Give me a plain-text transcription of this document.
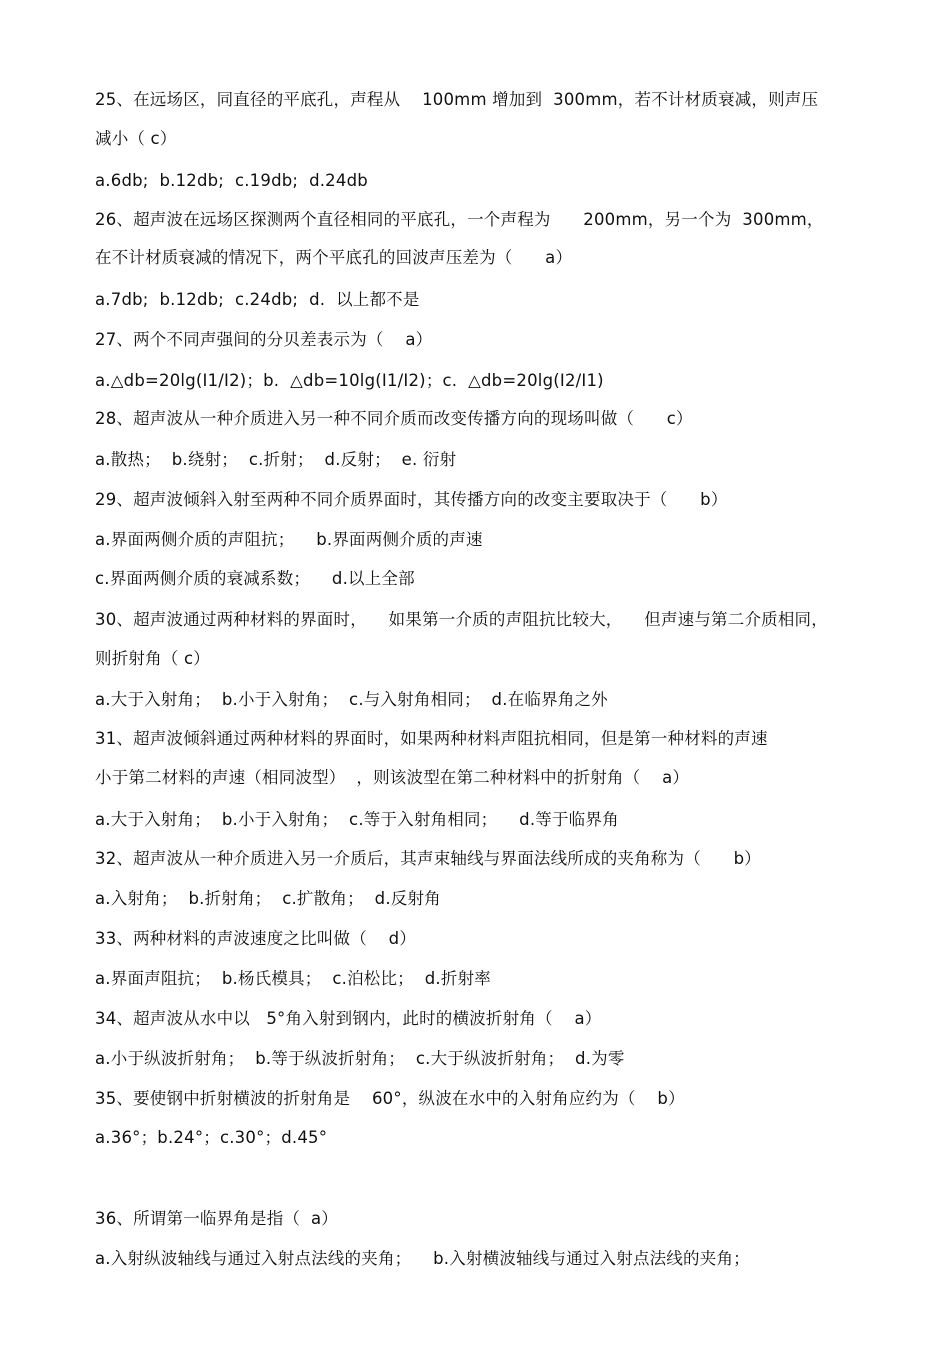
25、在远场区，同直径的平底孔，声程从    100mm 增加到  300mm，若不计材质衰减，则声压
减小（ c）
a.6db;  b.12db;  c.19db;  d.24db
26、超声波在远场区探测两个直径相同的平底孔，一个声程为      200mm，另一个为  300mm，
在不计材质衰减的情况下，两个平底孔的回波声压差为（      a）
a.7db;  b.12db;  c.24db;  d.  以上都不是
27、两个不同声强间的分贝差表示为（    a）
a.△db=20lg(I1/I2)；b.  △db=10lg(I1/I2)；c.  △db=20lg(I2/I1)
28、超声波从一种介质进入另一种不同介质而改变传播方向的现场叫做（      c）
a.散热；  b.绕射；  c.折射；  d.反射；  e. 衍射
29、超声波倾斜入射至两种不同介质界面时，其传播方向的改变主要取决于（      b）
a.界面两侧介质的声阻抗；    b.界面两侧介质的声速
c.界面两侧介质的衰减系数；    d.以上全部
30、超声波通过两种材料的界面时，    如果第一介质的声阻抗比较大，    但声速与第二介质相同，
则折射角（ c）
a.大于入射角；  b.小于入射角；  c.与入射角相同；  d.在临界角之外
31、超声波倾斜通过两种材料的界面时，如果两种材料声阻抗相同，但是第一种材料的声速
小于第二材料的声速（相同波型）  ，则该波型在第二种材料中的折射角（    a）
a.大于入射角；  b.小于入射角；  c.等于入射角相同；    d.等于临界角
32、超声波从一种介质进入另一介质后，其声束轴线与界面法线所成的夹角称为（      b）
a.入射角；  b.折射角；  c.扩散角；  d.反射角
33、两种材料的声波速度之比叫做（    d）
a.界面声阻抗；  b.杨氏模具；  c.泊松比；  d.折射率
34、超声波从水中以   5°角入射到钢内，此时的横波折射角（    a）
a.小于纵波折射角；  b.等于纵波折射角；  c.大于纵波折射角；  d.为零
35、要使钢中折射横波的折射角是    60°，纵波在水中的入射角应约为（    b）
a.36°；b.24°；c.30°；d.45°
36、所谓第一临界角是指（  a）
a.入射纵波轴线与通过入射点法线的夹角；    b.入射横波轴线与通过入射点法线的夹角；
